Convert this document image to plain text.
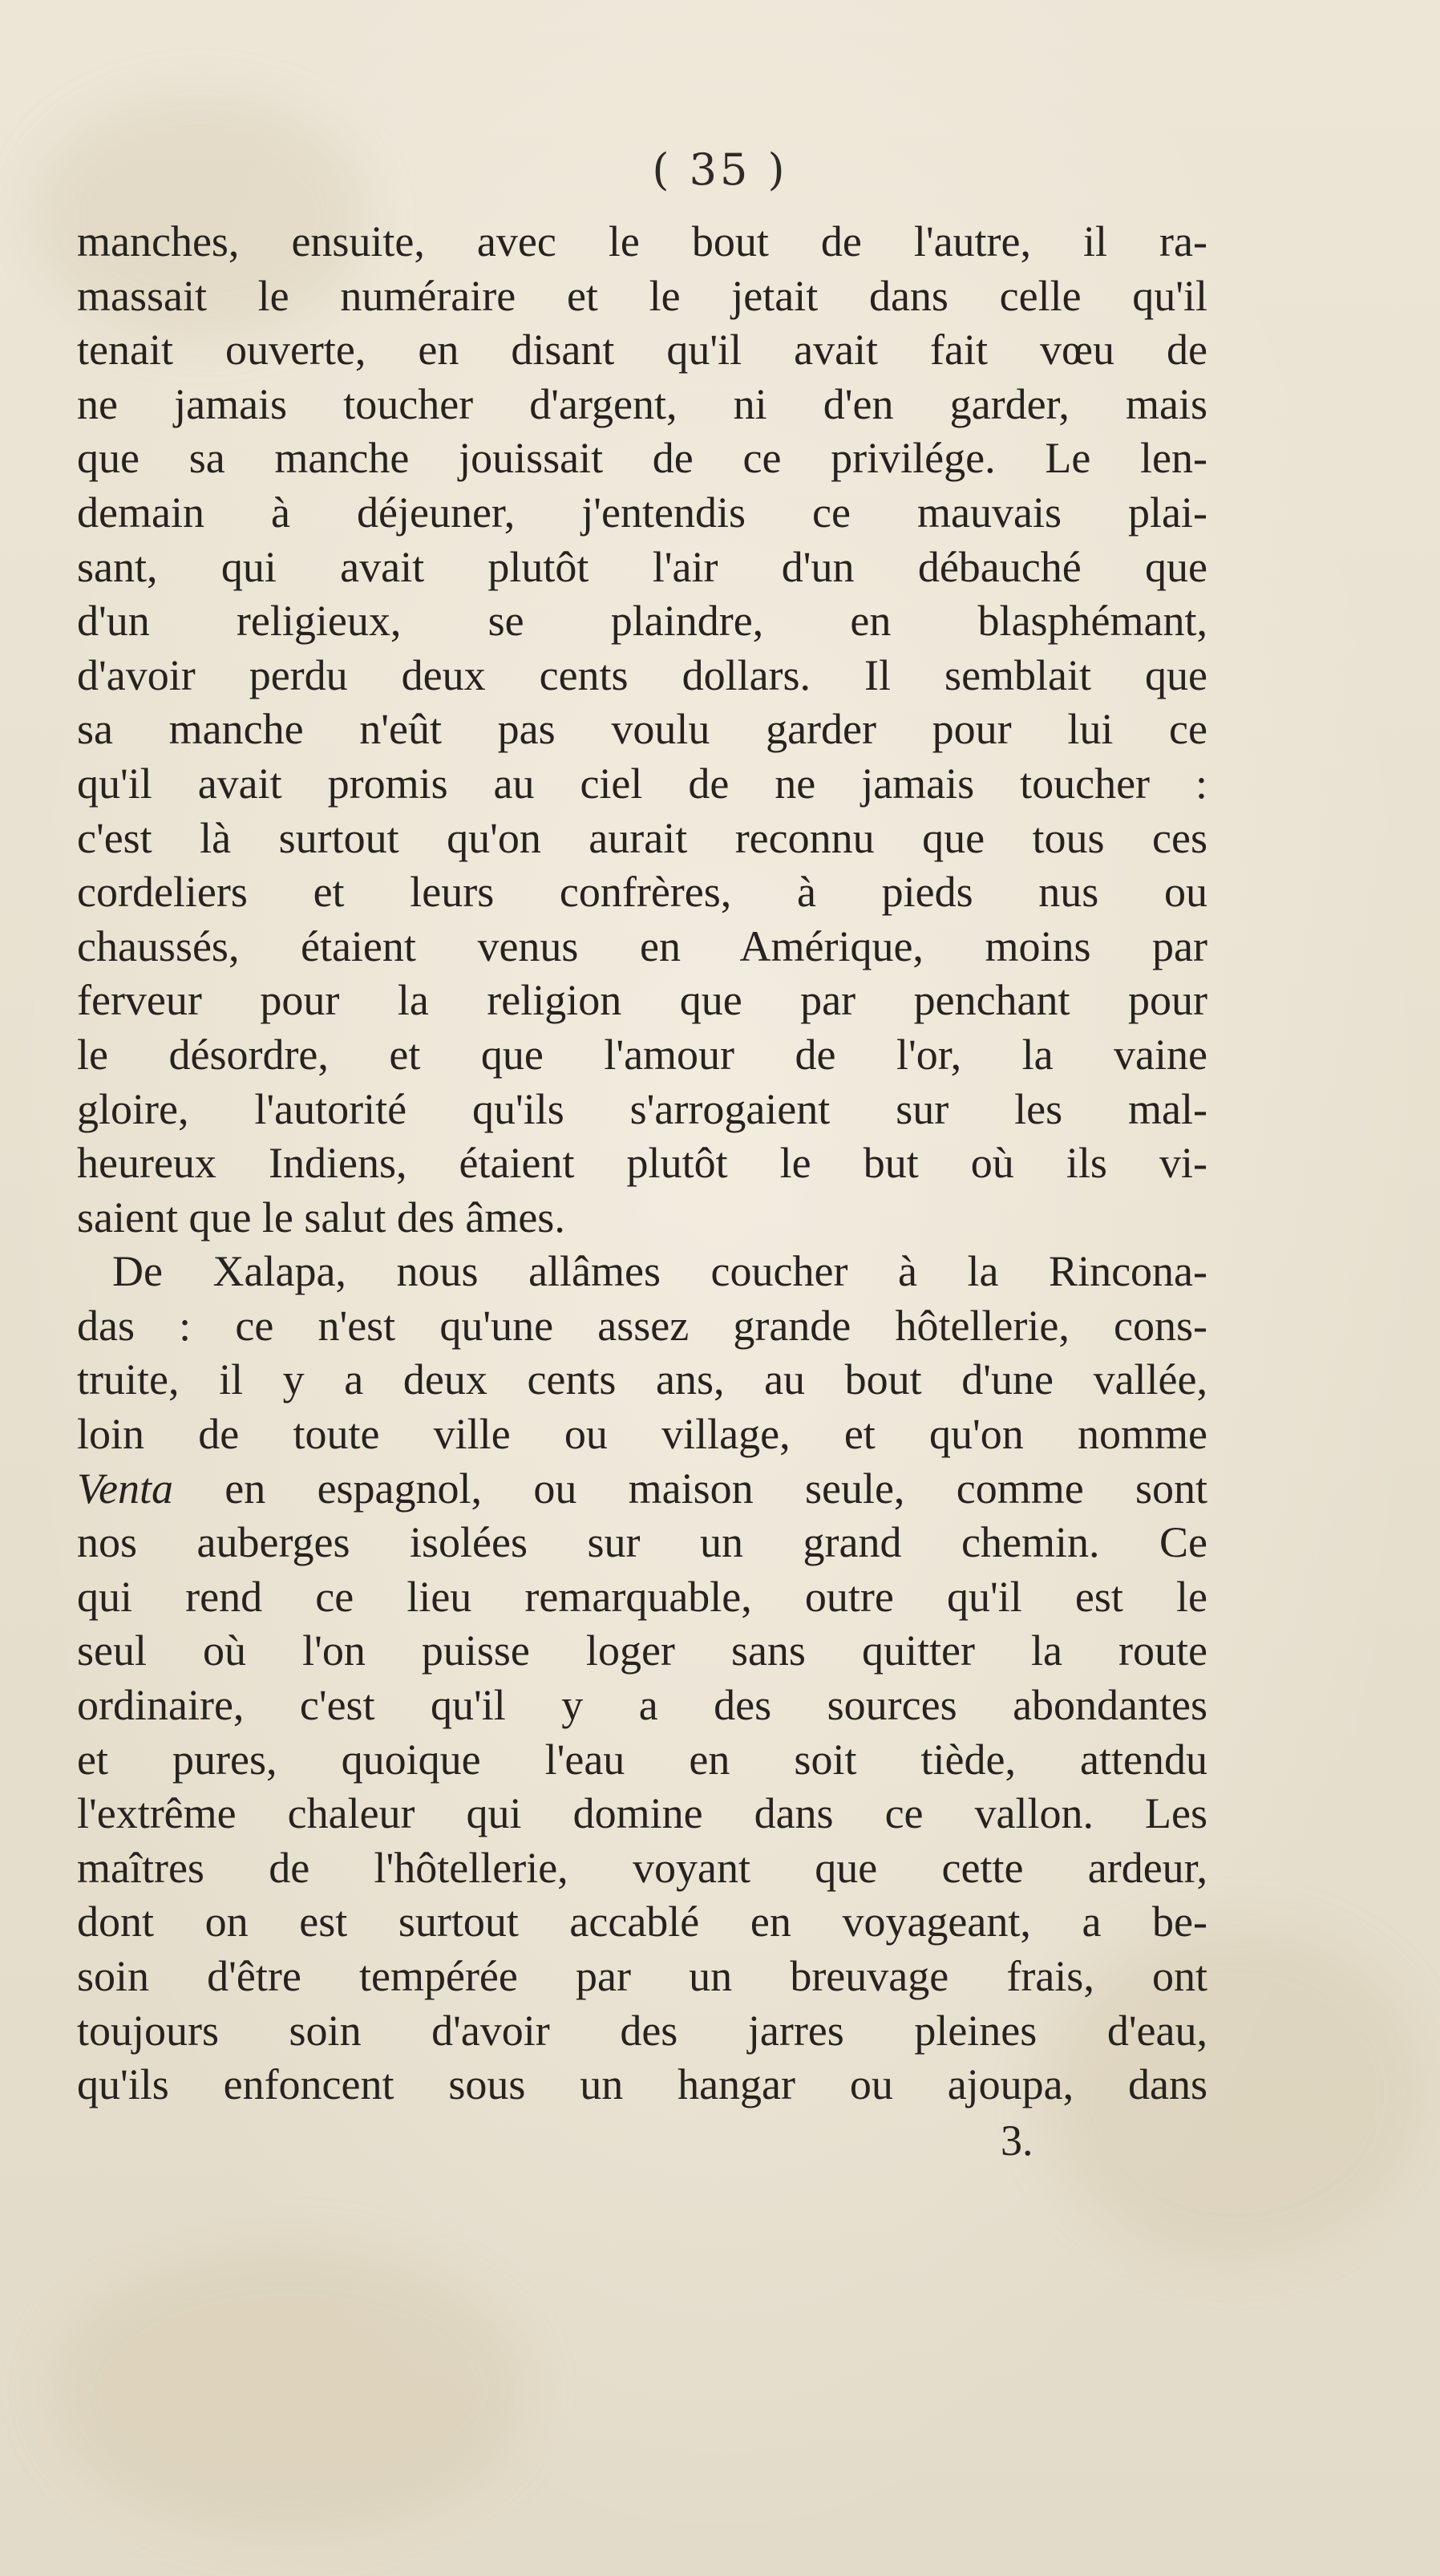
( 35 )
manches, ensuite, avec le bout de l'autre, il ra-
massait le numéraire et le jetait dans celle qu'il
tenait ouverte, en disant qu'il avait fait vœu de
ne jamais toucher d'argent, ni d'en garder, mais
que sa manche jouissait de ce privilége. Le len-
demain à déjeuner, j'entendis ce mauvais plai-
sant, qui avait plutôt l'air d'un débauché que
d'un religieux, se plaindre, en blasphémant,
d'avoir perdu deux cents dollars. Il semblait que
sa manche n'eût pas voulu garder pour lui ce
qu'il avait promis au ciel de ne jamais toucher :
c'est là surtout qu'on aurait reconnu que tous ces
cordeliers et leurs confrères, à pieds nus ou
chaussés, étaient venus en Amérique, moins par
ferveur pour la religion que par penchant pour
le désordre, et que l'amour de l'or, la vaine
gloire, l'autorité qu'ils s'arrogaient sur les mal-
heureux Indiens, étaient plutôt le but où ils vi-
saient que le salut des âmes.
De Xalapa, nous allâmes coucher à la Rincona-
das : ce n'est qu'une assez grande hôtellerie, cons-
truite, il y a deux cents ans, au bout d'une vallée,
loin de toute ville ou village, et qu'on nomme
Venta en espagnol, ou maison seule, comme sont
nos auberges isolées sur un grand chemin. Ce
qui rend ce lieu remarquable, outre qu'il est le
seul où l'on puisse loger sans quitter la route
ordinaire, c'est qu'il y a des sources abondantes
et pures, quoique l'eau en soit tiède, attendu
l'extrême chaleur qui domine dans ce vallon. Les
maîtres de l'hôtellerie, voyant que cette ardeur,
dont on est surtout accablé en voyageant, a be-
soin d'être tempérée par un breuvage frais, ont
toujours soin d'avoir des jarres pleines d'eau,
qu'ils enfoncent sous un hangar ou ajoupa, dans
3.
